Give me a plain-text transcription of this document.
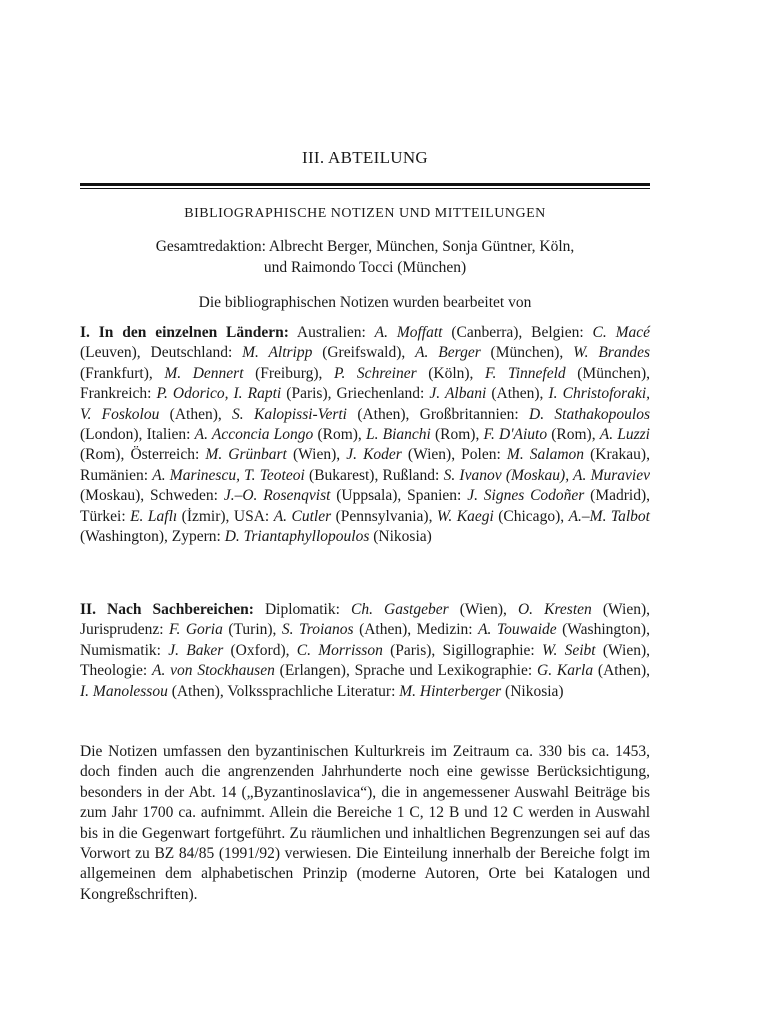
III. ABTEILUNG
BIBLIOGRAPHISCHE NOTIZEN UND MITTEILUNGEN
Gesamtredaktion: Albrecht Berger, München, Sonja Güntner, Köln,
und Raimondo Tocci (München)
Die bibliographischen Notizen wurden bearbeitet von
I. In den einzelnen Ländern: Australien: A. Moffatt (Canberra), Belgien: C. Macé (Leuven), Deutschland: M. Altripp (Greifswald), A. Berger (München), W. Brandes (Frankfurt), M. Dennert (Freiburg), P. Schreiner (Köln), F. Tinnefeld (München), Frankreich: P. Odorico, I. Rapti (Paris), Griechenland: J. Albani (Athen), I. Christoforaki, V. Foskolou (Athen), S. Kalopissi-Verti (Athen), Großbritannien: D. Stathakopoulos (London), Italien: A. Acconcia Longo (Rom), L. Bianchi (Rom), F. D'Aiuto (Rom), A. Luzzi (Rom), Österreich: M. Grünbart (Wien), J. Koder (Wien), Polen: M. Salamon (Krakau), Rumänien: A. Marinescu, T. Teoteoi (Bukarest), Rußland: S. Ivanov (Moskau), A. Muraviev (Moskau), Schweden: J.–O. Rosenqvist (Uppsala), Spanien: J. Signes Codoñer (Madrid), Türkei: E. Laflı (İzmir), USA: A. Cutler (Pennsylvania), W. Kaegi (Chicago), A.–M. Talbot (Washington), Zypern: D. Triantaphyllopoulos (Nikosia)
II. Nach Sachbereichen: Diplomatik: Ch. Gastgeber (Wien), O. Kresten (Wien), Jurisprudenz: F. Goria (Turin), S. Troianos (Athen), Medizin: A. Touwaide (Washington), Numismatik: J. Baker (Oxford), C. Morrisson (Paris), Sigillographie: W. Seibt (Wien), Theologie: A. von Stockhausen (Erlangen), Sprache und Lexikographie: G. Karla (Athen), I. Manolessou (Athen), Volkssprachliche Literatur: M. Hinterberger (Nikosia)
Die Notizen umfassen den byzantinischen Kulturkreis im Zeitraum ca. 330 bis ca. 1453, doch finden auch die angrenzenden Jahrhunderte noch eine gewisse Berücksichtigung, besonders in der Abt. 14 („Byzantinoslavica“), die in angemessener Auswahl Beiträge bis zum Jahr 1700 ca. aufnimmt. Allein die Bereiche 1 C, 12 B und 12 C werden in Auswahl bis in die Gegenwart fortgeführt. Zu räumlichen und inhaltlichen Begrenzungen sei auf das Vorwort zu BZ 84/85 (1991/92) verwiesen. Die Einteilung innerhalb der Bereiche folgt im allgemeinen dem alphabetischen Prinzip (moderne Autoren, Orte bei Katalogen und Kongreßschriften).
